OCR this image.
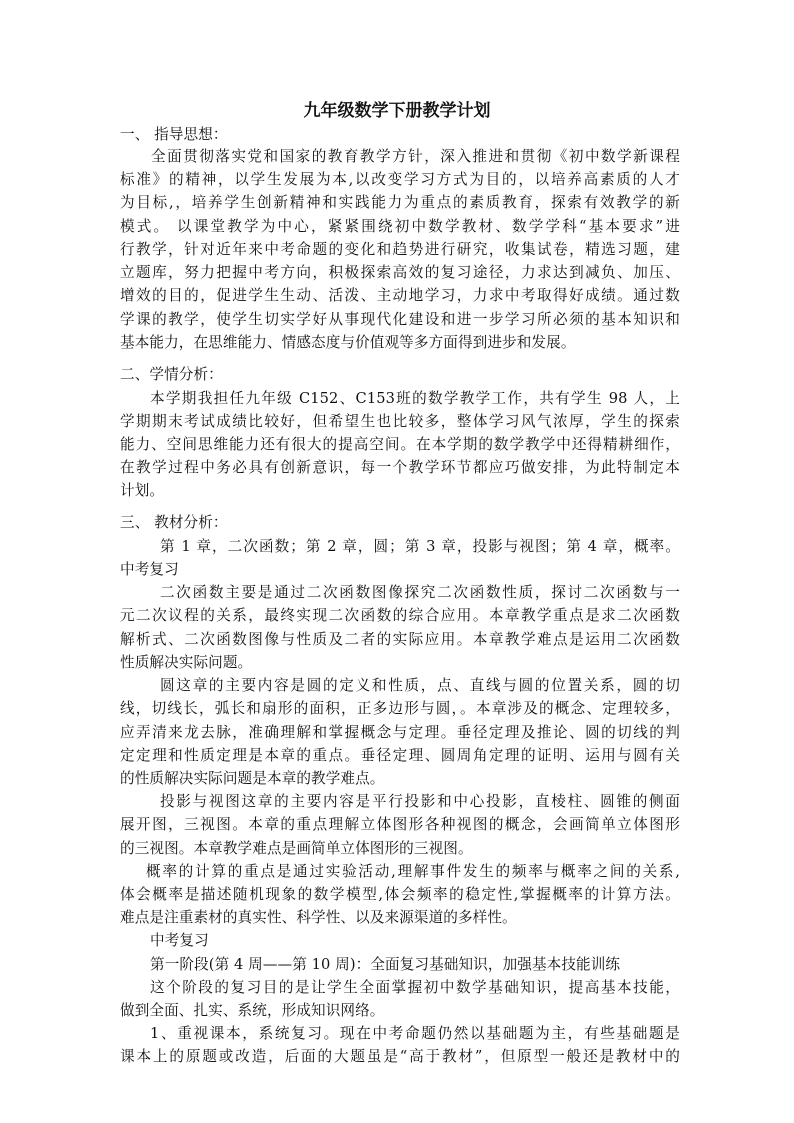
九年级数学下册教学计划
一、 指导思想：
全面贯彻落实党和国家的教育教学方针，深入推进和贯彻《初中数学新课程
标准》的精神，以学生发展为本,以改变学习方式为目的，以培养高素质的人才
为目标,，培养学生创新精神和实践能力为重点的素质教育，探索有效教学的新
模式。 以课堂教学为中心，紧紧围绕初中数学教材、数学学科“基本要求”进
行教学，针对近年来中考命题的变化和趋势进行研究，收集试卷，精选习题，建
立题库，努力把握中考方向，积极探索高效的复习途径，力求达到减负、加压、
增效的目的，促进学生生动、活泼、主动地学习，力求中考取得好成绩。通过数
学课的教学，使学生切实学好从事现代化建设和进一步学习所必须的基本知识和
基本能力，在思维能力、情感态度与价值观等多方面得到进步和发展。
二、学情分析：
本学期我担任九年级 C152、C153班的数学教学工作，共有学生 98 人，上
学期期末考试成绩比较好，但希望生也比较多，整体学习风气浓厚，学生的探索
能力、空间思维能力还有很大的提高空间。在本学期的数学教学中还得精耕细作，
在教学过程中务必具有创新意识，每一个教学环节都应巧做安排，为此特制定本
计划。
三、 教材分析：
第 1 章，二次函数；第 2 章，圆；第 3 章，投影与视图；第 4 章，概率。
中考复习
二次函数主要是通过二次函数图像探究二次函数性质，探讨二次函数与一
元二次议程的关系，最终实现二次函数的综合应用。本章教学重点是求二次函数
解析式、二次函数图像与性质及二者的实际应用。本章教学难点是运用二次函数
性质解决实际问题。
圆这章的主要内容是圆的定义和性质，点、直线与圆的位置关系，圆的切
线，切线长，弧长和扇形的面积，正多边形与圆，。本章涉及的概念、定理较多，
应弄清来龙去脉，准确理解和掌握概念与定理。垂径定理及推论、圆的切线的判
定定理和性质定理是本章的重点。垂径定理、圆周角定理的证明、运用与圆有关
的性质解决实际问题是本章的教学难点。
投影与视图这章的主要内容是平行投影和中心投影，直棱柱、圆锥的侧面
展开图，三视图。本章的重点理解立体图形各种视图的概念，会画简单立体图形
的三视图。本章教学难点是画简单立体图形的三视图。
概率的计算的重点是通过实验活动,理解事件发生的频率与概率之间的关系,
体会概率是描述随机现象的数学模型,体会频率的稳定性,掌握概率的计算方法。
难点是注重素材的真实性、科学性、以及来源渠道的多样性。
中考复习
第一阶段(第 4 周——第 10 周)：全面复习基础知识，加强基本技能训练
这个阶段的复习目的是让学生全面掌握初中数学基础知识，提高基本技能，
做到全面、扎实、系统，形成知识网络。
1、重视课本，系统复习。现在中考命题仍然以基础题为主，有些基础题是
课本上的原题或改造，后面的大题虽是“高于教材”，但原型一般还是教材中的
